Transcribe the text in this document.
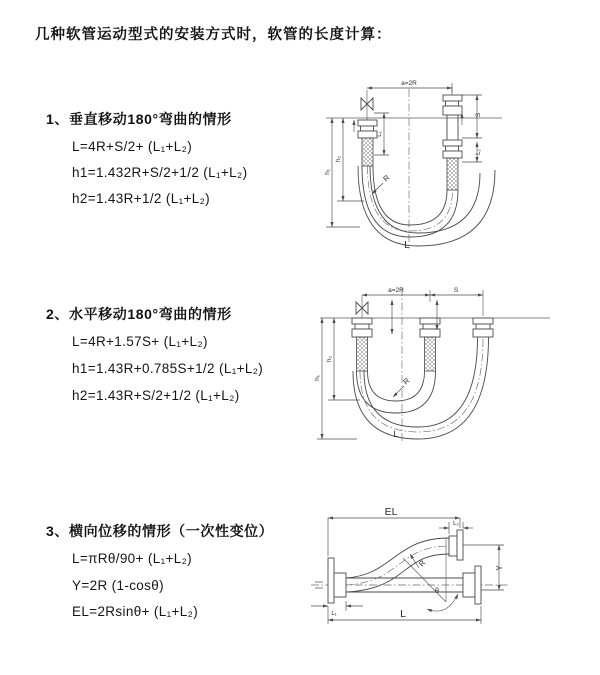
几种软管运动型式的安装方式时，软管的长度计算：
1、垂直移动180°弯曲的情形
L=4R+S/2+ (L₁+L₂)
h1=1.432R+S/2+1/2 (L₁+L₂)
h2=1.43R+1/2 (L₁+L₂)
2、水平移动180°弯曲的情形
L=4R+1.57S+ (L₁+L₂)
h1=1.43R+0.785S+1/2 (L₁+L₂)
h2=1.43R+S/2+1/2 (L₁+L₂)
3、横向位移的情形（一次性变位）
L=πRθ/90+ (L₁+L₂)
Y=2R (1-cosθ)
EL=2Rsinθ+ (L₁+L₂)
a=2R
h₁
h₂
L₁
S
L₂
R
L
a=2R	S
h₁
h₂
R
L
EL
L₂
Y
L
L₁
θ
R
